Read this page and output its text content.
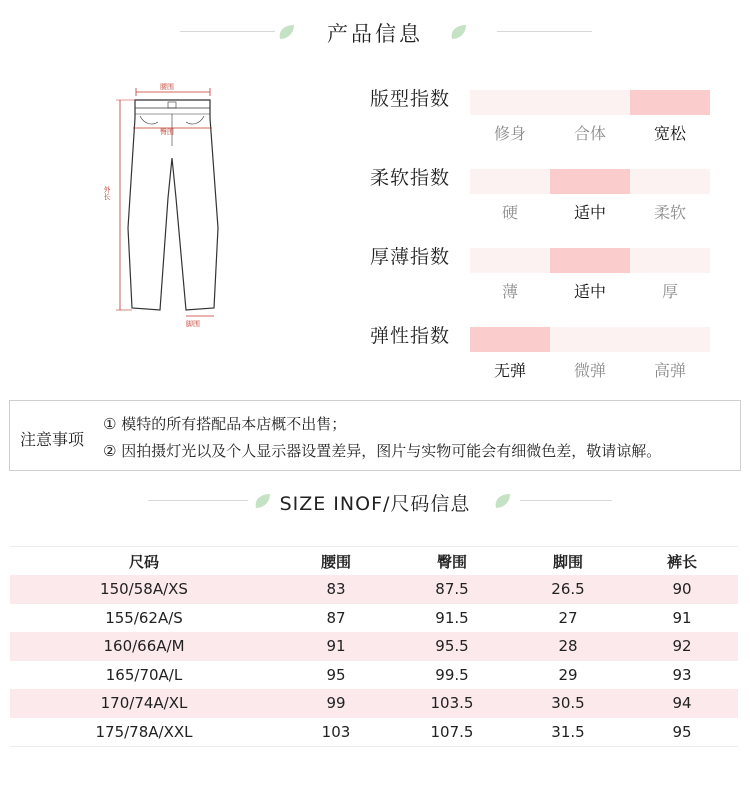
产品信息
腰围
臀围
外长
脚围
版型指数
修身	合体	宽松
柔软指数
硬	适中	柔软
厚薄指数
薄	适中	厚
弹性指数
无弹	微弹	高弹
注意事项
① 模特的所有搭配品本店概不出售；
② 因拍摄灯光以及个人显示器设置差异，图片与实物可能会有细微色差，敬请谅解。
SIZE INOF/尺码信息
尺码	腰围	臀围	脚围	裤长
150/58A/XS	83	87.5	26.5	90
155/62A/S	87	91.5	27	91
160/66A/M	91	95.5	28	92
165/70A/L	95	99.5	29	93
170/74A/XL	99	103.5	30.5	94
175/78A/XXL	103	107.5	31.5	95
